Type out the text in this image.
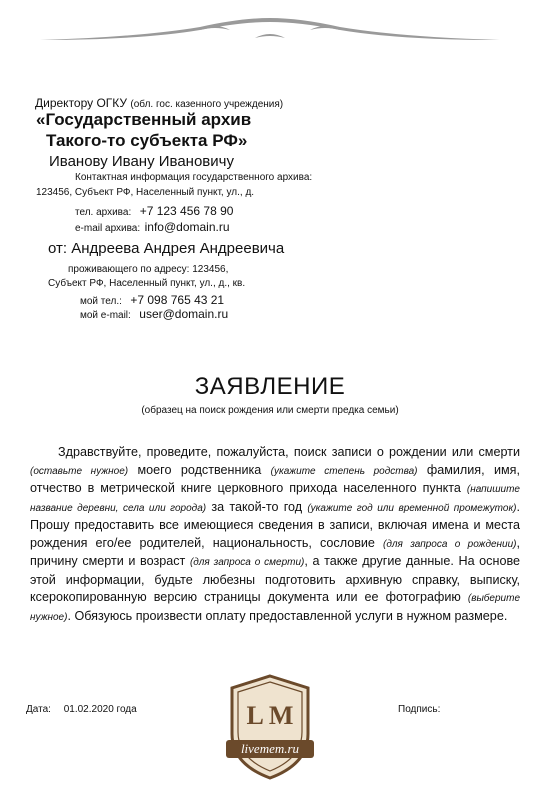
Директору ОГКУ (обл. гос. казенного учреждения)
«Государственный архив
Такого-то субъекта РФ»
Иванову Ивану Ивановичу
Контактная информация государственного архива:
123456, Субъект РФ, Населенный пункт, ул., д.
тел. архива: +7 123 456 78 90
e-mail архива: info@domain.ru
от: Андреева Андрея Андреевича
проживающего по адресу: 123456,
Субъект РФ, Населенный пункт, ул., д., кв.
мой тел.: +7 098 765 43 21
мой e-mail: user@domain.ru
ЗАЯВЛЕНИЕ
(образец на поиск рождения или смерти предка семьи)
Здравствуйте, проведите, пожалуйста, поиск записи о рождении или смерти (оставьте нужное) моего родственника (укажите степень родства) фамилия, имя, отчество в метрической книге церковного прихода населенного пункта (напишите название деревни, села или города) за такой-то год (укажите год или временной промежуток). Прошу предоставить все имеющиеся сведения в записи, включая имена и места рождения его/ее родителей, национальность, сословие (для запроса о рождении), причину смерти и возраст (для запроса о смерти), а также другие данные. На основе этой информации, будьте любезны подготовить архивную справку, выписку, ксерокопированную версию страницы документа или ее фотографию (выберите нужное). Обязуюсь произвести оплату предоставленной услуги в нужном размере.
Дата: 01.02.2020 года	Подпись:
L M
livemem.ru
